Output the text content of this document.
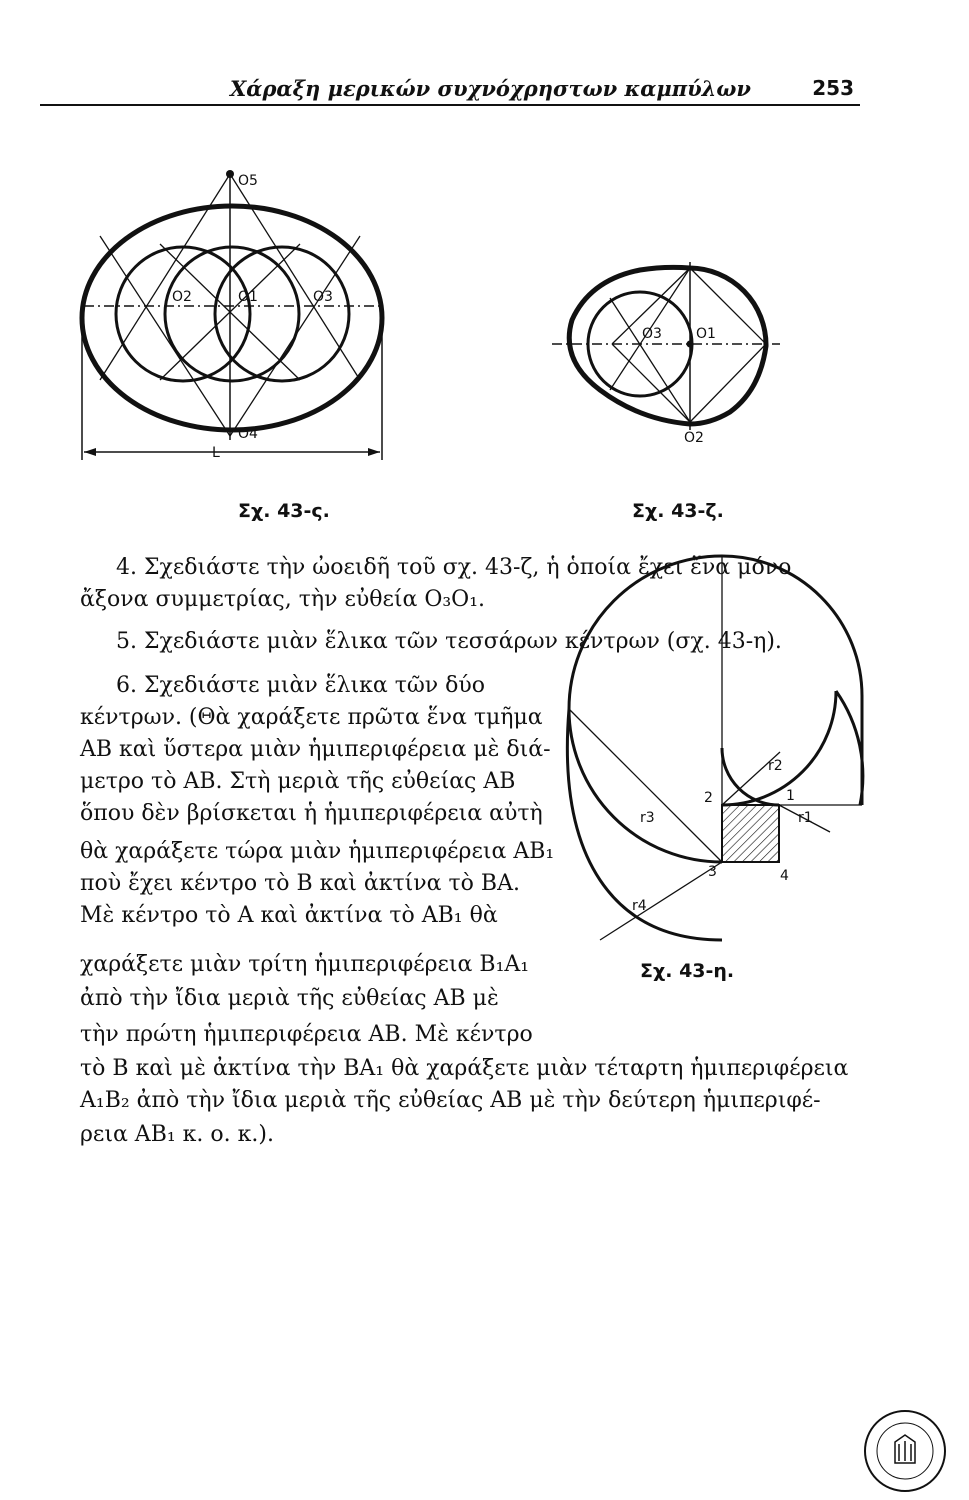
Χάραξη μερικών συχνόχρηστων καμπύλων	253
O5
O2	O1	O3
O4
L
O3 O1
O2
Σχ. 43-ς.	Σχ. 43-ζ.
r2
r1
r3
r4
1
2
3	4
Σχ. 43-η.
4. Σχεδιάστε τὴν ὠοειδῆ τοῦ σχ. 43-ζ, ἡ ὁποία ἔχει ἕνα μόνο
ἄξονα συμμετρίας, τὴν εὐθεία O₃O₁.
5. Σχεδιάστε μιὰν ἕλικα τῶν τεσσάρων κέντρων (σχ. 43-η).
6. Σχεδιάστε μιὰν ἕλικα τῶν δύο
κέντρων. (Θὰ χαράξετε πρῶτα ἕνα τμῆμα
AB καὶ ὕστερα μιὰν ἡμιπεριφέρεια μὲ διά-
μετρο τὸ AB. Στὴ μεριὰ τῆς εὐθείας AB
ὅπου δὲν βρίσκεται ἡ ἡμιπεριφέρεια αὐτὴ
θὰ χαράξετε τώρα μιὰν ἡμιπεριφέρεια AB₁
ποὺ ἔχει κέντρο τὸ B καὶ ἀκτίνα τὸ BA.
Μὲ κέντρο τὸ A καὶ ἀκτίνα τὸ AB₁ θὰ
χαράξετε μιὰν τρίτη ἡμιπεριφέρεια B₁A₁
ἀπὸ τὴν ἴδια μεριὰ τῆς εὐθείας AB μὲ
τὴν πρώτη ἡμιπεριφέρεια AB. Μὲ κέντρο
τὸ B καὶ μὲ ἀκτίνα τὴν BA₁ θὰ χαράξετε μιὰν τέταρτη ἡμιπεριφέρεια
A₁B₂ ἀπὸ τὴν ἴδια μεριὰ τῆς εὐθείας AB μὲ τὴν δεύτερη ἡμιπεριφέ-
ρεια AB₁ κ. ο. κ.).
